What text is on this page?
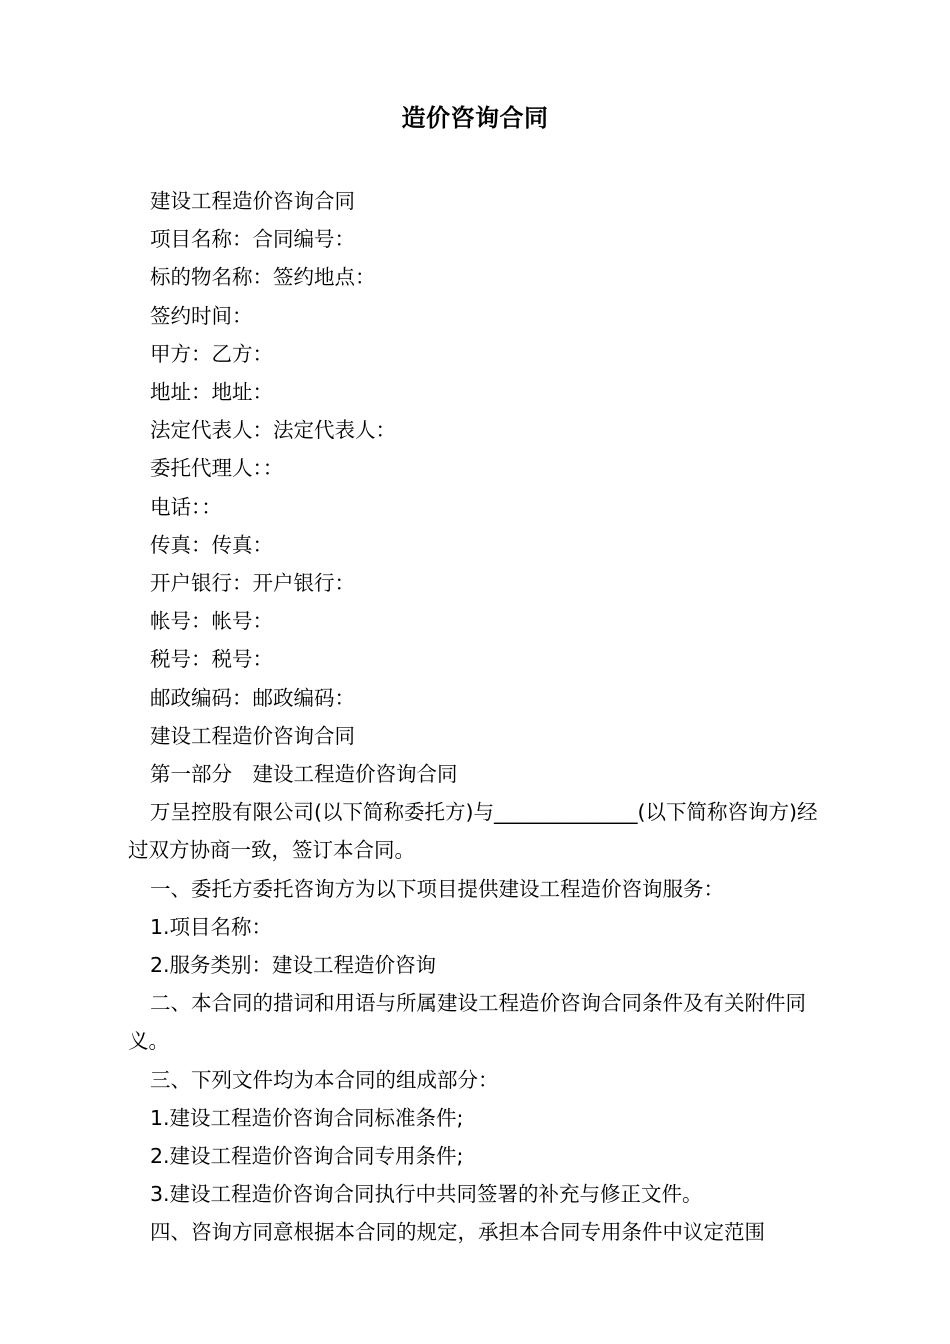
造价咨询合同

建设工程造价咨询合同

项目名称：合同编号：

标的物名称：签约地点：

签约时间：

甲方：乙方：

地址：地址：

法定代表人：法定代表人：

委托代理人：：

电话：：

传真：传真：

开户银行：开户银行：

帐号：帐号：

税号：税号：

邮政编码：邮政编码：

建设工程造价咨询合同

第一部分　建设工程造价咨询合同

万呈控股有限公司(以下简称委托方)与______________(以下简称咨询方)经过双方协商一致，签订本合同。

一、委托方委托咨询方为以下项目提供建设工程造价咨询服务：

1.项目名称：

2.服务类别：建设工程造价咨询

二、本合同的措词和用语与所属建设工程造价咨询合同条件及有关附件同义。

三、下列文件均为本合同的组成部分：

1.建设工程造价咨询合同标准条件;

2.建设工程造价咨询合同专用条件;

3.建设工程造价咨询合同执行中共同签署的补充与修正文件。

四、咨询方同意根据本合同的规定，承担本合同专用条件中议定范围
